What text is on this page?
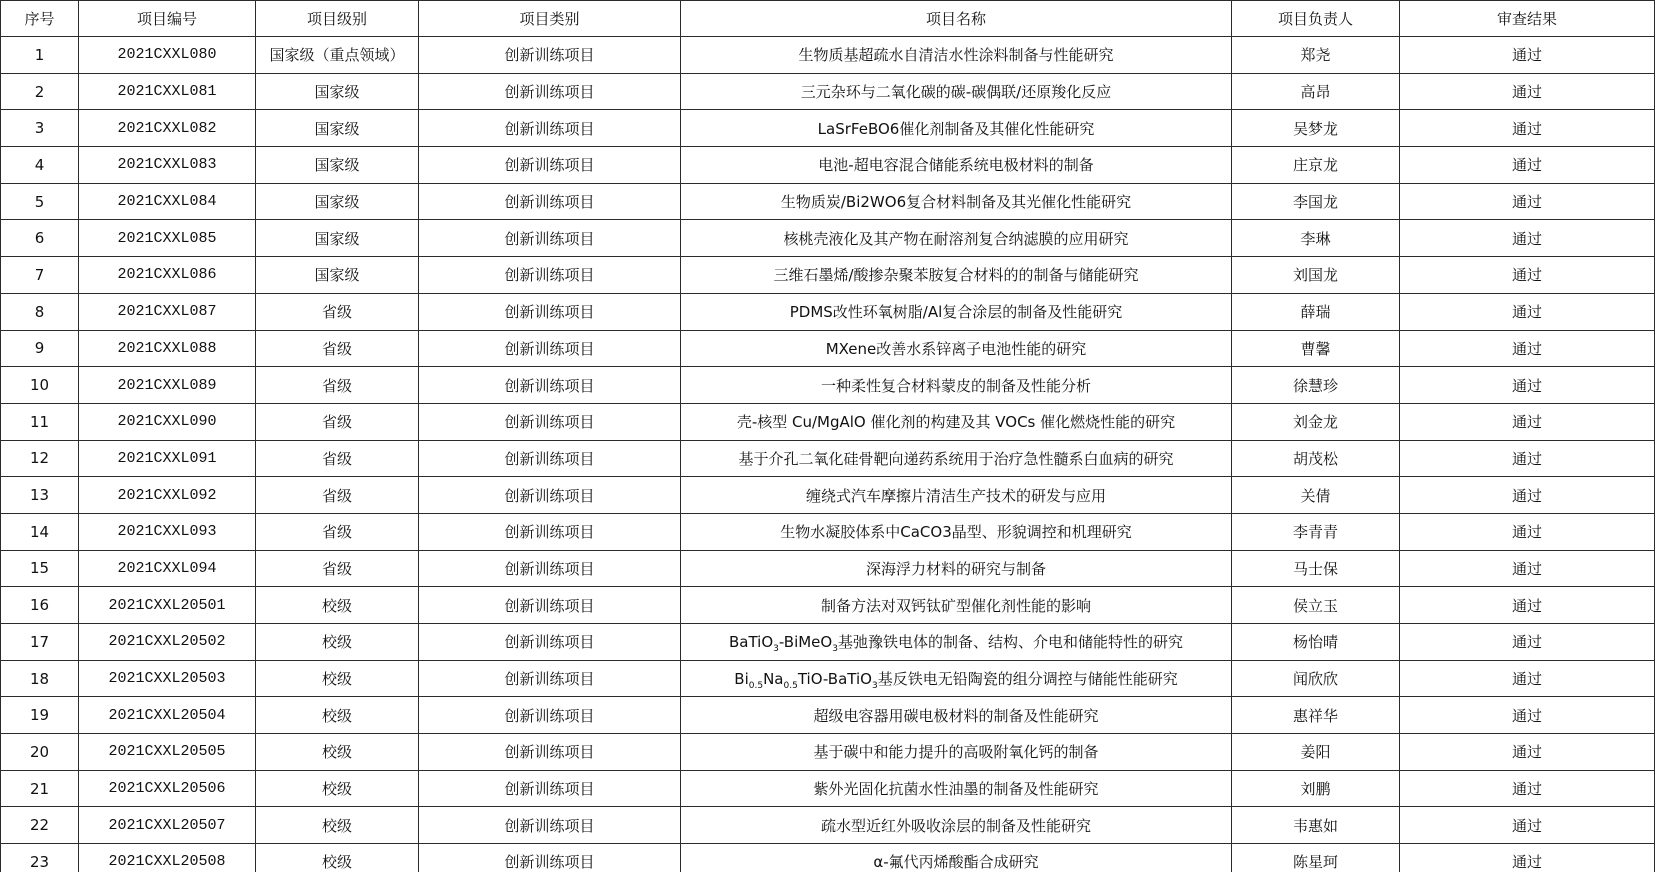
序号	项目编号	项目级别	项目类别	项目名称	项目负责人	审查结果
1	2021CXXL080	国家级（重点领域）	创新训练项目	生物质基超疏水自清洁水性涂料制备与性能研究	郑尧	通过
2	2021CXXL081	国家级	创新训练项目	三元杂环与二氧化碳的碳-碳偶联/还原羧化反应	高昂	通过
3	2021CXXL082	国家级	创新训练项目	LaSrFeBO6催化剂制备及其催化性能研究	吴梦龙	通过
4	2021CXXL083	国家级	创新训练项目	电池-超电容混合储能系统电极材料的制备	庄京龙	通过
5	2021CXXL084	国家级	创新训练项目	生物质炭/Bi2WO6复合材料制备及其光催化性能研究	李国龙	通过
6	2021CXXL085	国家级	创新训练项目	核桃壳液化及其产物在耐溶剂复合纳滤膜的应用研究	李琳	通过
7	2021CXXL086	国家级	创新训练项目	三维石墨烯/酸掺杂聚苯胺复合材料的的制备与储能研究	刘国龙	通过
8	2021CXXL087	省级	创新训练项目	PDMS改性环氧树脂/Al复合涂层的制备及性能研究	薛瑞	通过
9	2021CXXL088	省级	创新训练项目	MXene改善水系锌离子电池性能的研究	曹馨	通过
10	2021CXXL089	省级	创新训练项目	一种柔性复合材料蒙皮的制备及性能分析	徐慧珍	通过
11	2021CXXL090	省级	创新训练项目	壳-核型 Cu/MgAlO 催化剂的构建及其 VOCs 催化燃烧性能的研究	刘金龙	通过
12	2021CXXL091	省级	创新训练项目	基于介孔二氧化硅骨靶向递药系统用于治疗急性髓系白血病的研究	胡茂松	通过
13	2021CXXL092	省级	创新训练项目	缠绕式汽车摩擦片清洁生产技术的研发与应用	关倩	通过
14	2021CXXL093	省级	创新训练项目	生物水凝胶体系中CaCO3晶型、形貌调控和机理研究	李青青	通过
15	2021CXXL094	省级	创新训练项目	深海浮力材料的研究与制备	马士保	通过
16	2021CXXL20501	校级	创新训练项目	制备方法对双钙钛矿型催化剂性能的影响	侯立玉	通过
17	2021CXXL20502	校级	创新训练项目	BaTiO$_3$-BiMeO$_3$基弛豫铁电体的制备、结构、介电和储能特性的研究	杨怡晴	通过
18	2021CXXL20503	校级	创新训练项目	$Bi_{0.5}Na_{0.5}TiO-BaTiO_3$基反铁电无铅陶瓷的组分调控与储能性能研究	闻欣欣	通过
19	2021CXXL20504	校级	创新训练项目	超级电容器用碳电极材料的制备及性能研究	惠祥华	通过
20	2021CXXL20505	校级	创新训练项目	基于碳中和能力提升的高吸附氧化钙的制备	姜阳	通过
21	2021CXXL20506	校级	创新训练项目	紫外光固化抗菌水性油墨的制备及性能研究	刘鹏	通过
22	2021CXXL20507	校级	创新训练项目	疏水型近红外吸收涂层的制备及性能研究	韦惠如	通过
23	2021CXXL20508	校级	创新训练项目	α-氟代丙烯酸酯合成研究	陈星珂	通过
